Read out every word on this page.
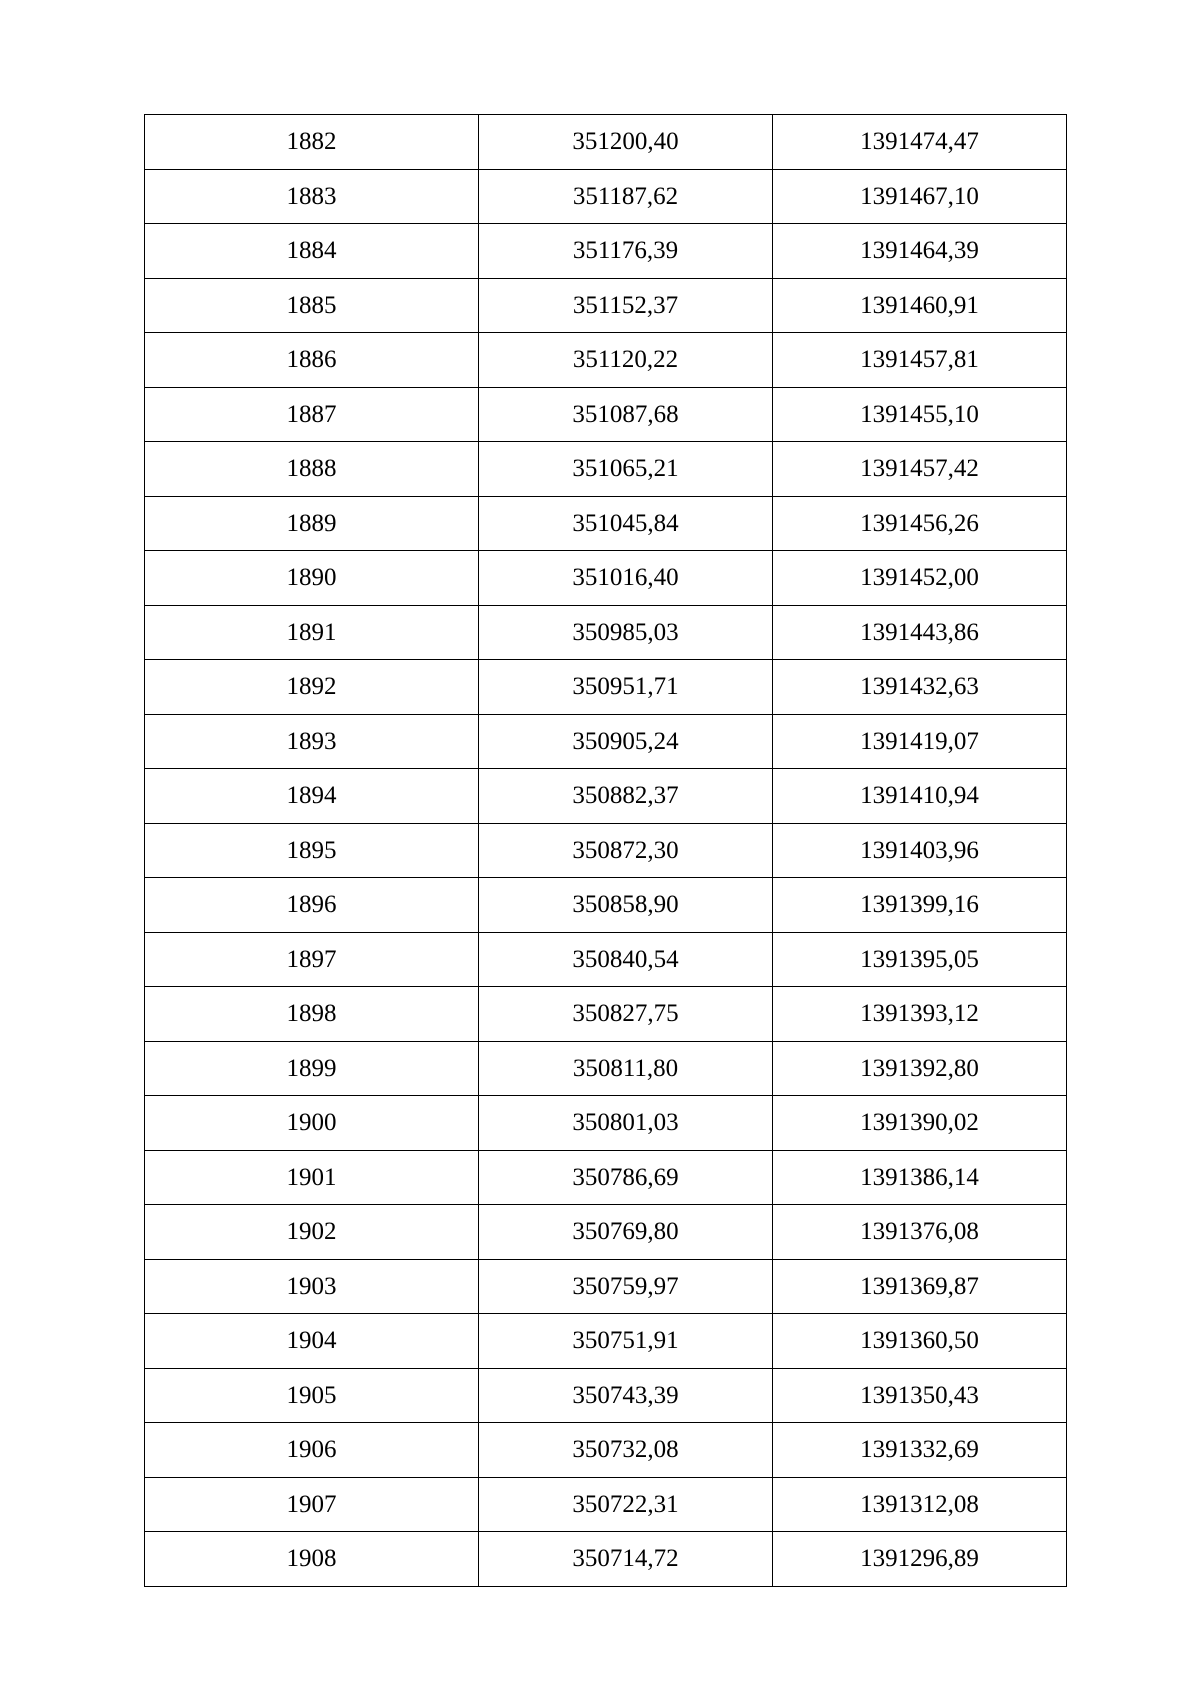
1882	351200,40	1391474,47
1883	351187,62	1391467,10
1884	351176,39	1391464,39
1885	351152,37	1391460,91
1886	351120,22	1391457,81
1887	351087,68	1391455,10
1888	351065,21	1391457,42
1889	351045,84	1391456,26
1890	351016,40	1391452,00
1891	350985,03	1391443,86
1892	350951,71	1391432,63
1893	350905,24	1391419,07
1894	350882,37	1391410,94
1895	350872,30	1391403,96
1896	350858,90	1391399,16
1897	350840,54	1391395,05
1898	350827,75	1391393,12
1899	350811,80	1391392,80
1900	350801,03	1391390,02
1901	350786,69	1391386,14
1902	350769,80	1391376,08
1903	350759,97	1391369,87
1904	350751,91	1391360,50
1905	350743,39	1391350,43
1906	350732,08	1391332,69
1907	350722,31	1391312,08
1908	350714,72	1391296,89
